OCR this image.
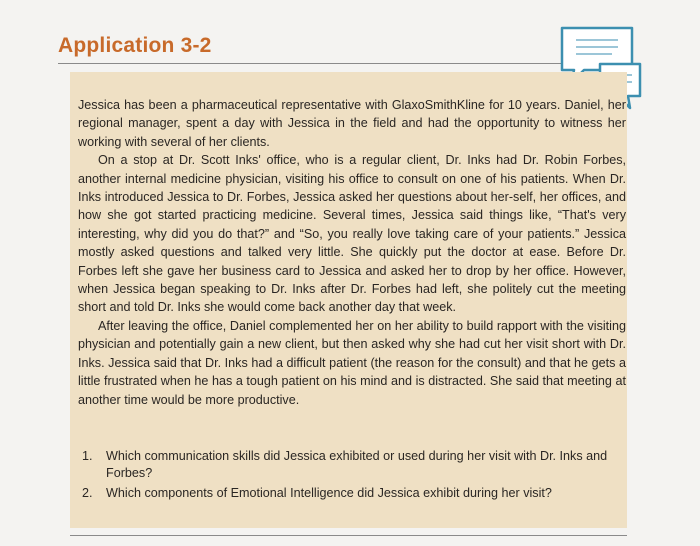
Application 3-2

Jessica has been a pharmaceutical representative with GlaxoSmithKline for 10 years. Daniel, her regional manager, spent a day with Jessica in the field and had the opportunity to witness her working with several of her clients.

On a stop at Dr. Scott Inks' office, who is a regular client, Dr. Inks had Dr. Robin Forbes, another internal medicine physician, visiting his office to consult on one of his patients. When Dr. Inks introduced Jessica to Dr. Forbes, Jessica asked her questions about her-self, her offices, and how she got started practicing medicine. Several times, Jessica said things like, “That's very interesting, why did you do that?” and “So, you really love taking care of your patients.” Jessica mostly asked questions and talked very little. She quickly put the doctor at ease. Before Dr. Forbes left she gave her business card to Jessica and asked her to drop by her office. However, when Jessica began speaking to Dr. Inks after Dr. Forbes had left, she politely cut the meeting short and told Dr. Inks she would come back another day that week.

After leaving the office, Daniel complemented her on her ability to build rapport with the visiting physician and potentially gain a new client, but then asked why she had cut her visit short with Dr. Inks. Jessica said that Dr. Inks had a difficult patient (the reason for the consult) and that he gets a little frustrated when he has a tough patient on his mind and is distracted. She said that meeting at another time would be more productive.

1.	Which communication skills did Jessica exhibited or used during her visit with Dr. Inks and Forbes?
2.	Which components of Emotional Intelligence did Jessica exhibit during her visit?
